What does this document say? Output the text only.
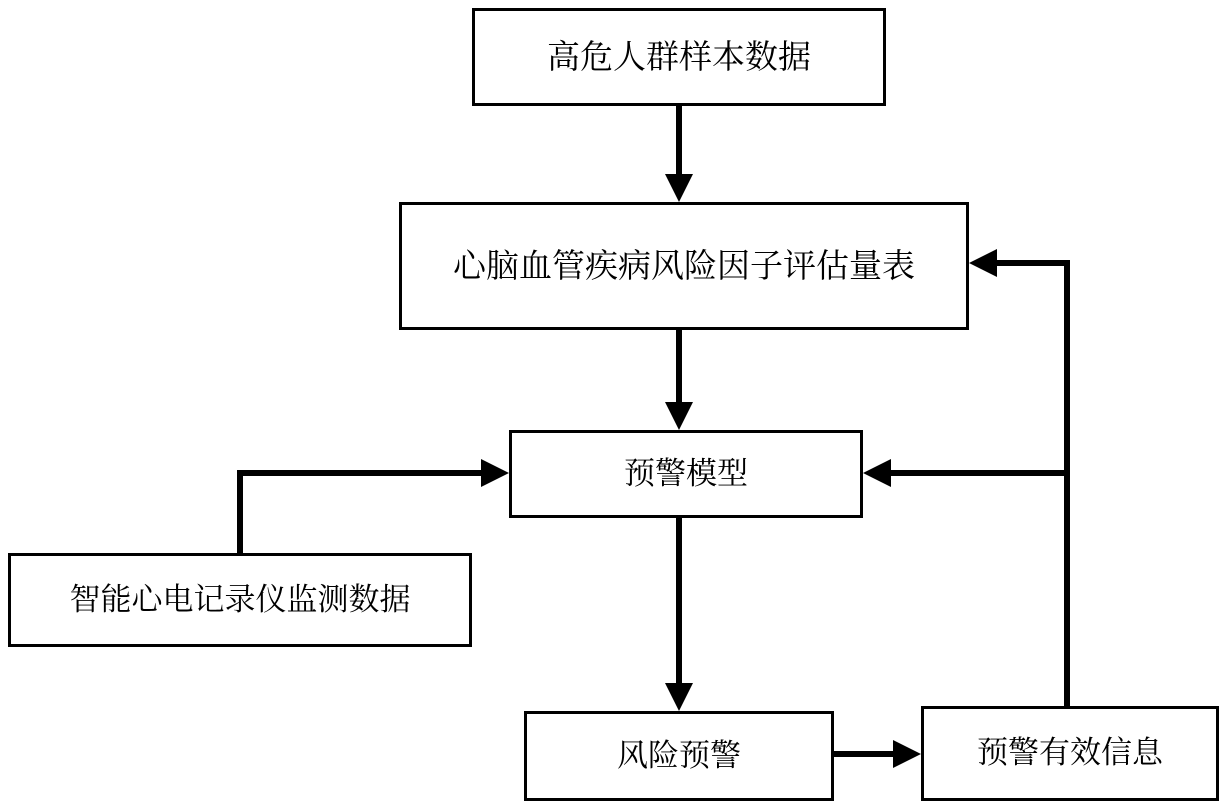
高危人群样本数据
心脑血管疾病风险因子评估量表
预警模型
智能心电记录仪监测数据
风险预警	预警有效信息
